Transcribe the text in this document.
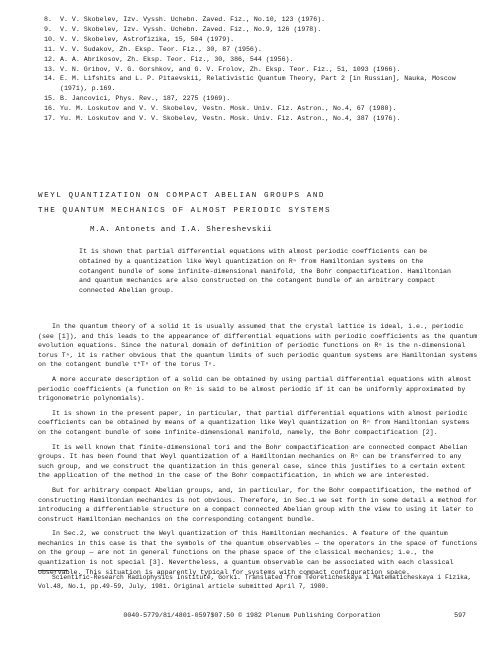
8.	V. V. Skobelev, Izv. Vyssh. Uchebn. Zaved. Fiz., No.10, 123 (1976).
9.	V. V. Skobelev, Izv. Vyssh. Uchebn. Zaved. Fiz., No.9, 126 (1978).
10. V. V. Skobelev, Astrofizika, 15, 504 (1979).
11. V. V. Sudakov, Zh. Eksp. Teor. Fiz., 30, 87 (1956).
12. A. A. Abrikosov, Zh. Eksp. Teor. Fiz., 30, 386, 544 (1956).
13. V. N. Gribov, V. G. Gorshkov, and G. V. Frolov, Zh. Eksp. Teor. Fiz., 51, 1093 (1966).
14. E. M. Lifshits and L. P. Pitaevskii, Relativistic Quantum Theory, Part 2 [in Russian], Nauka, Moscow (1971), p.169.
15. B. Jancovici, Phys. Rev., 187, 2275 (1969).
16. Yu. M. Loskutov and V. V. Skobelev, Vestn. Mosk. Univ. Fiz. Astron., No.4, 67 (1980).
17. Yu. M. Loskutov and V. V. Skobelev, Vestn. Mosk. Univ. Fiz. Astron., No.4, 387 (1976).
WEYL QUANTIZATION ON COMPACT ABELIAN GROUPS AND
THE QUANTUM MECHANICS OF ALMOST PERIODIC SYSTEMS
M.A. Antonets and I.A. Shereshevskii

It is shown that partial differential equations with almost periodic coefficients can be obtained by a quantization like Weyl quantization on Rⁿ from Hamiltonian systems on the cotangent bundle of some infinite-dimensional manifold, the Bohr compactification. Hamiltonian and quantum mechanics are also constructed on the cotangent bundle of an arbitrary compact connected Abelian group.

In the quantum theory of a solid it is usually assumed that the crystal lattice is ideal, i.e., periodic (see [1]), and this leads to the appearance of differential equations with periodic coefficients as the quantum evolution equations. Since the natural domain of definition of periodic functions on Rⁿ is the n-dimensional torus Tⁿ, it is rather obvious that the quantum limits of such periodic quantum systems are Hamiltonian systems on the cotangent bundle τ*Tⁿ of the torus Tⁿ.

A more accurate description of a solid can be obtained by using partial differential equations with almost periodic coefficients (a function on Rⁿ is said to be almost periodic if it can be uniformly approximated by trigonometric polynomials).

It is shown in the present paper, in particular, that partial differential equations with almost periodic coefficients can be obtained by means of a quantization like Weyl quantization on Rⁿ from Hamiltonian systems on the cotangent bundle of some infinite-dimensional manifold, namely, the Bohr compactification [2].

It is well known that finite-dimensional tori and the Bohr compactification are connected compact Abelian groups. It has been found that Weyl quantization of a Hamiltonian mechanics on Rⁿ can be transferred to any such group, and we construct the quantization in this general case, since this justifies to a certain extent the application of the method in the case of the Bohr compactification, in which we are interested.

But for arbitrary compact Abelian groups, and, in particular, for the Bohr compactification, the method of constructing Hamiltonian mechanics is not obvious. Therefore, in Sec.1 we set forth in some detail a method for introducing a differentiable structure on a compact connected Abelian group with the view to using it later to construct Hamiltonian mechanics on the corresponding cotangent bundle.

In Sec.2, we construct the Weyl quantization of this Hamiltonian mechanics. A feature of the quantum mechanics in this case is that the symbols of the quantum observables — the operators in the space of functions on the group — are not in general functions on the phase space of the classical mechanics; i.e., the quantization is not special [3]. Nevertheless, a quantum observable can be associated with each classical observable. This situation is apparently typical for systems with compact configuration space.

Scientific-Research Radiophysics Institute, Gorki. Translated from Teoreticheskaya i Matematicheskaya i Fizika, Vol.48, No.1, pp.49-59, July, 1981. Original article submitted April 7, 1980.

0040-5779/81/4801-0597$07.50 © 1982 Plenum Publishing Corporation	597
